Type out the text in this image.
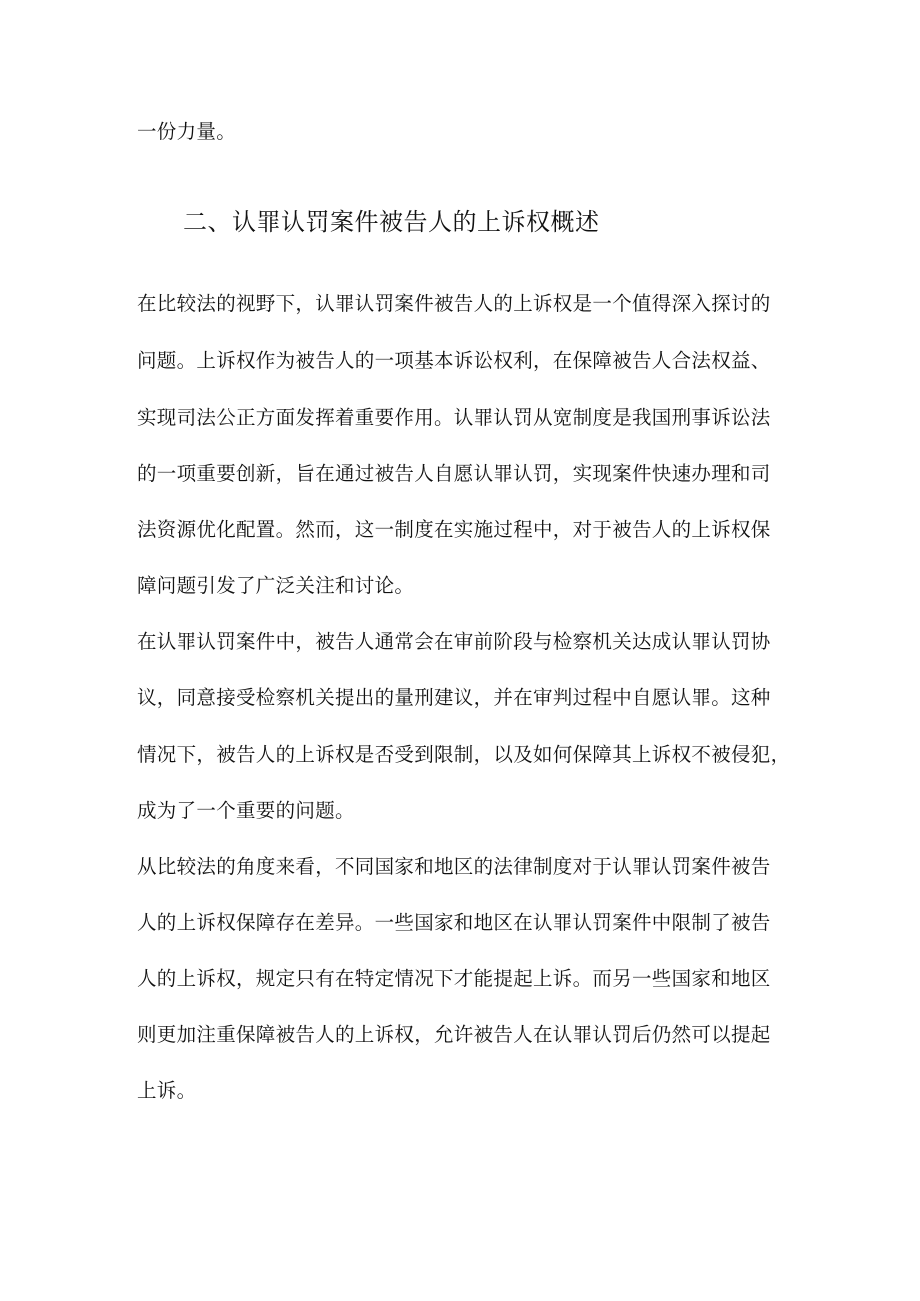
一份力量。
二、认罪认罚案件被告人的上诉权概述
在比较法的视野下，认罪认罚案件被告人的上诉权是一个值得深入探讨的
问题。上诉权作为被告人的一项基本诉讼权利，在保障被告人合法权益、
实现司法公正方面发挥着重要作用。认罪认罚从宽制度是我国刑事诉讼法
的一项重要创新，旨在通过被告人自愿认罪认罚，实现案件快速办理和司
法资源优化配置。然而，这一制度在实施过程中，对于被告人的上诉权保
障问题引发了广泛关注和讨论。
在认罪认罚案件中，被告人通常会在审前阶段与检察机关达成认罪认罚协
议，同意接受检察机关提出的量刑建议，并在审判过程中自愿认罪。这种
情况下，被告人的上诉权是否受到限制，以及如何保障其上诉权不被侵犯，
成为了一个重要的问题。
从比较法的角度来看，不同国家和地区的法律制度对于认罪认罚案件被告
人的上诉权保障存在差异。一些国家和地区在认罪认罚案件中限制了被告
人的上诉权，规定只有在特定情况下才能提起上诉。而另一些国家和地区
则更加注重保障被告人的上诉权，允许被告人在认罪认罚后仍然可以提起
上诉。
